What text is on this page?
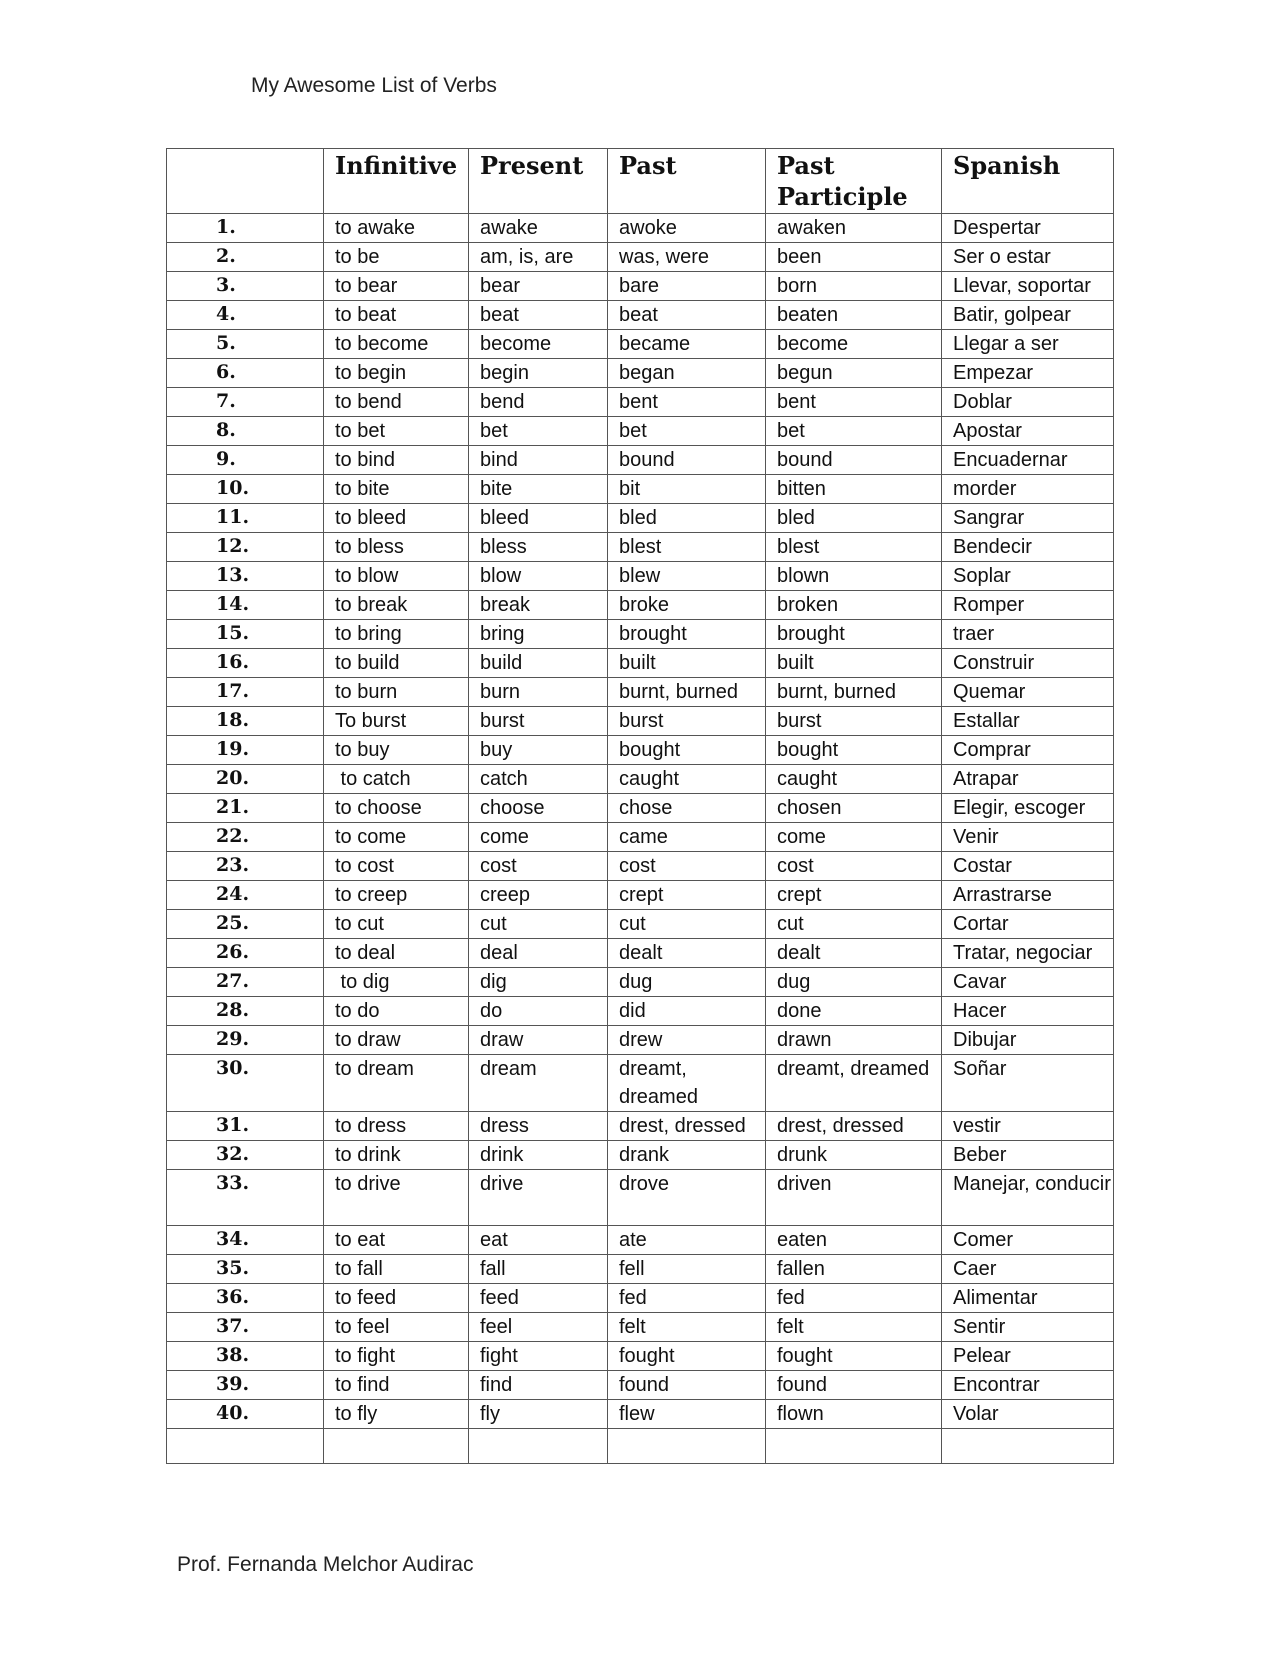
My Awesome List of Verbs
	Infinitive	Present	Past	Past Participle	Spanish
1.	to awake	awake	awoke	awaken	Despertar
2.	to be	am, is, are	was, were	been	Ser o estar
3.	to bear	bear	bare	born	Llevar, soportar
4.	to beat	beat	beat	beaten	Batir, golpear
5.	to become	become	became	become	Llegar a ser
6.	to begin	begin	began	begun	Empezar
7.	to bend	bend	bent	bent	Doblar
8.	to bet	bet	bet	bet	Apostar
9.	to bind	bind	bound	bound	Encuadernar
10.	to bite	bite	bit	bitten	morder
11.	to bleed	bleed	bled	bled	Sangrar
12.	to bless	bless	blest	blest	Bendecir
13.	to blow	blow	blew	blown	Soplar
14.	to break	break	broke	broken	Romper
15.	to bring	bring	brought	brought	traer
16.	to build	build	built	built	Construir
17.	to burn	burn	burnt, burned	burnt, burned	Quemar
18.	To burst	burst	burst	burst	Estallar
19.	to buy	buy	bought	bought	Comprar
20.	to catch	catch	caught	caught	Atrapar
21.	to choose	choose	chose	chosen	Elegir, escoger
22.	to come	come	came	come	Venir
23.	to cost	cost	cost	cost	Costar
24.	to creep	creep	crept	crept	Arrastrarse
25.	to cut	cut	cut	cut	Cortar
26.	to deal	deal	dealt	dealt	Tratar, negociar
27.	to dig	dig	dug	dug	Cavar
28.	to do	do	did	done	Hacer
29.	to draw	draw	drew	drawn	Dibujar
30.	to dream	dream	dreamt, dreamed	dreamt, dreamed	Soñar
31.	to dress	dress	drest, dressed	drest, dressed	vestir
32.	to drink	drink	drank	drunk	Beber
33.	to drive	drive	drove	driven	Manejar, conducir
34.	to eat	eat	ate	eaten	Comer
35.	to fall	fall	fell	fallen	Caer
36.	to feed	feed	fed	fed	Alimentar
37.	to feel	feel	felt	felt	Sentir
38.	to fight	fight	fought	fought	Pelear
39.	to find	find	found	found	Encontrar
40.	to fly	fly	flew	flown	Volar

Prof. Fernanda Melchor Audirac
